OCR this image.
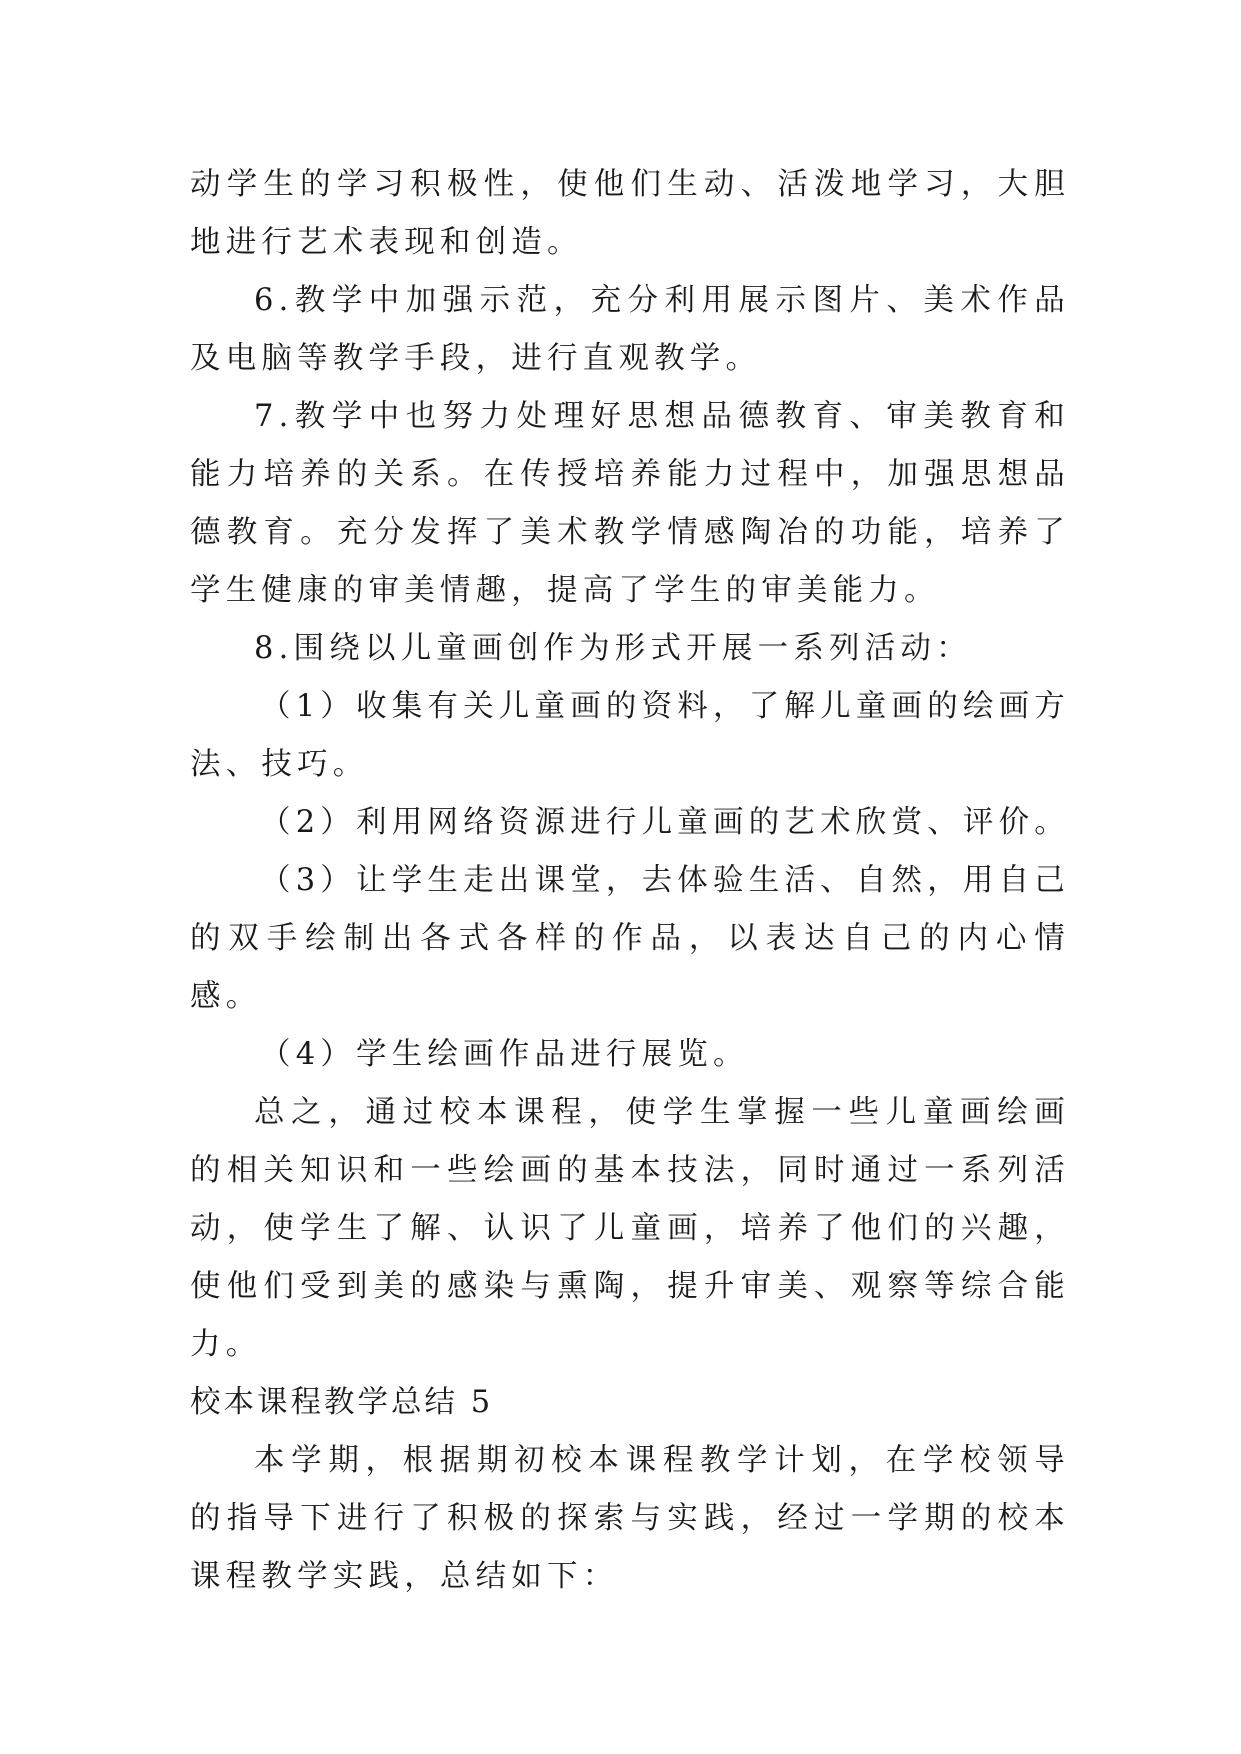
动学生的学习积极性，使他们生动、活泼地学习，大胆地进行艺术表现和创造。

6.教学中加强示范，充分利用展示图片、美术作品及电脑等教学手段，进行直观教学。

7.教学中也努力处理好思想品德教育、审美教育和能力培养的关系。在传授培养能力过程中，加强思想品德教育。充分发挥了美术教学情感陶冶的功能，培养了学生健康的审美情趣，提高了学生的审美能力。

8.围绕以儿童画创作为形式开展一系列活动：

（1）收集有关儿童画的资料，了解儿童画的绘画方法、技巧。

（2）利用网络资源进行儿童画的艺术欣赏、评价。

（3）让学生走出课堂，去体验生活、自然，用自己的双手绘制出各式各样的作品，以表达自己的内心情感。

（4）学生绘画作品进行展览。

总之，通过校本课程，使学生掌握一些儿童画绘画的相关知识和一些绘画的基本技法，同时通过一系列活动，使学生了解、认识了儿童画，培养了他们的兴趣，使他们受到美的感染与熏陶，提升审美、观察等综合能力。

校本课程教学总结 5

本学期，根据期初校本课程教学计划，在学校领导的指导下进行了积极的探索与实践，经过一学期的校本课程教学实践，总结如下：
